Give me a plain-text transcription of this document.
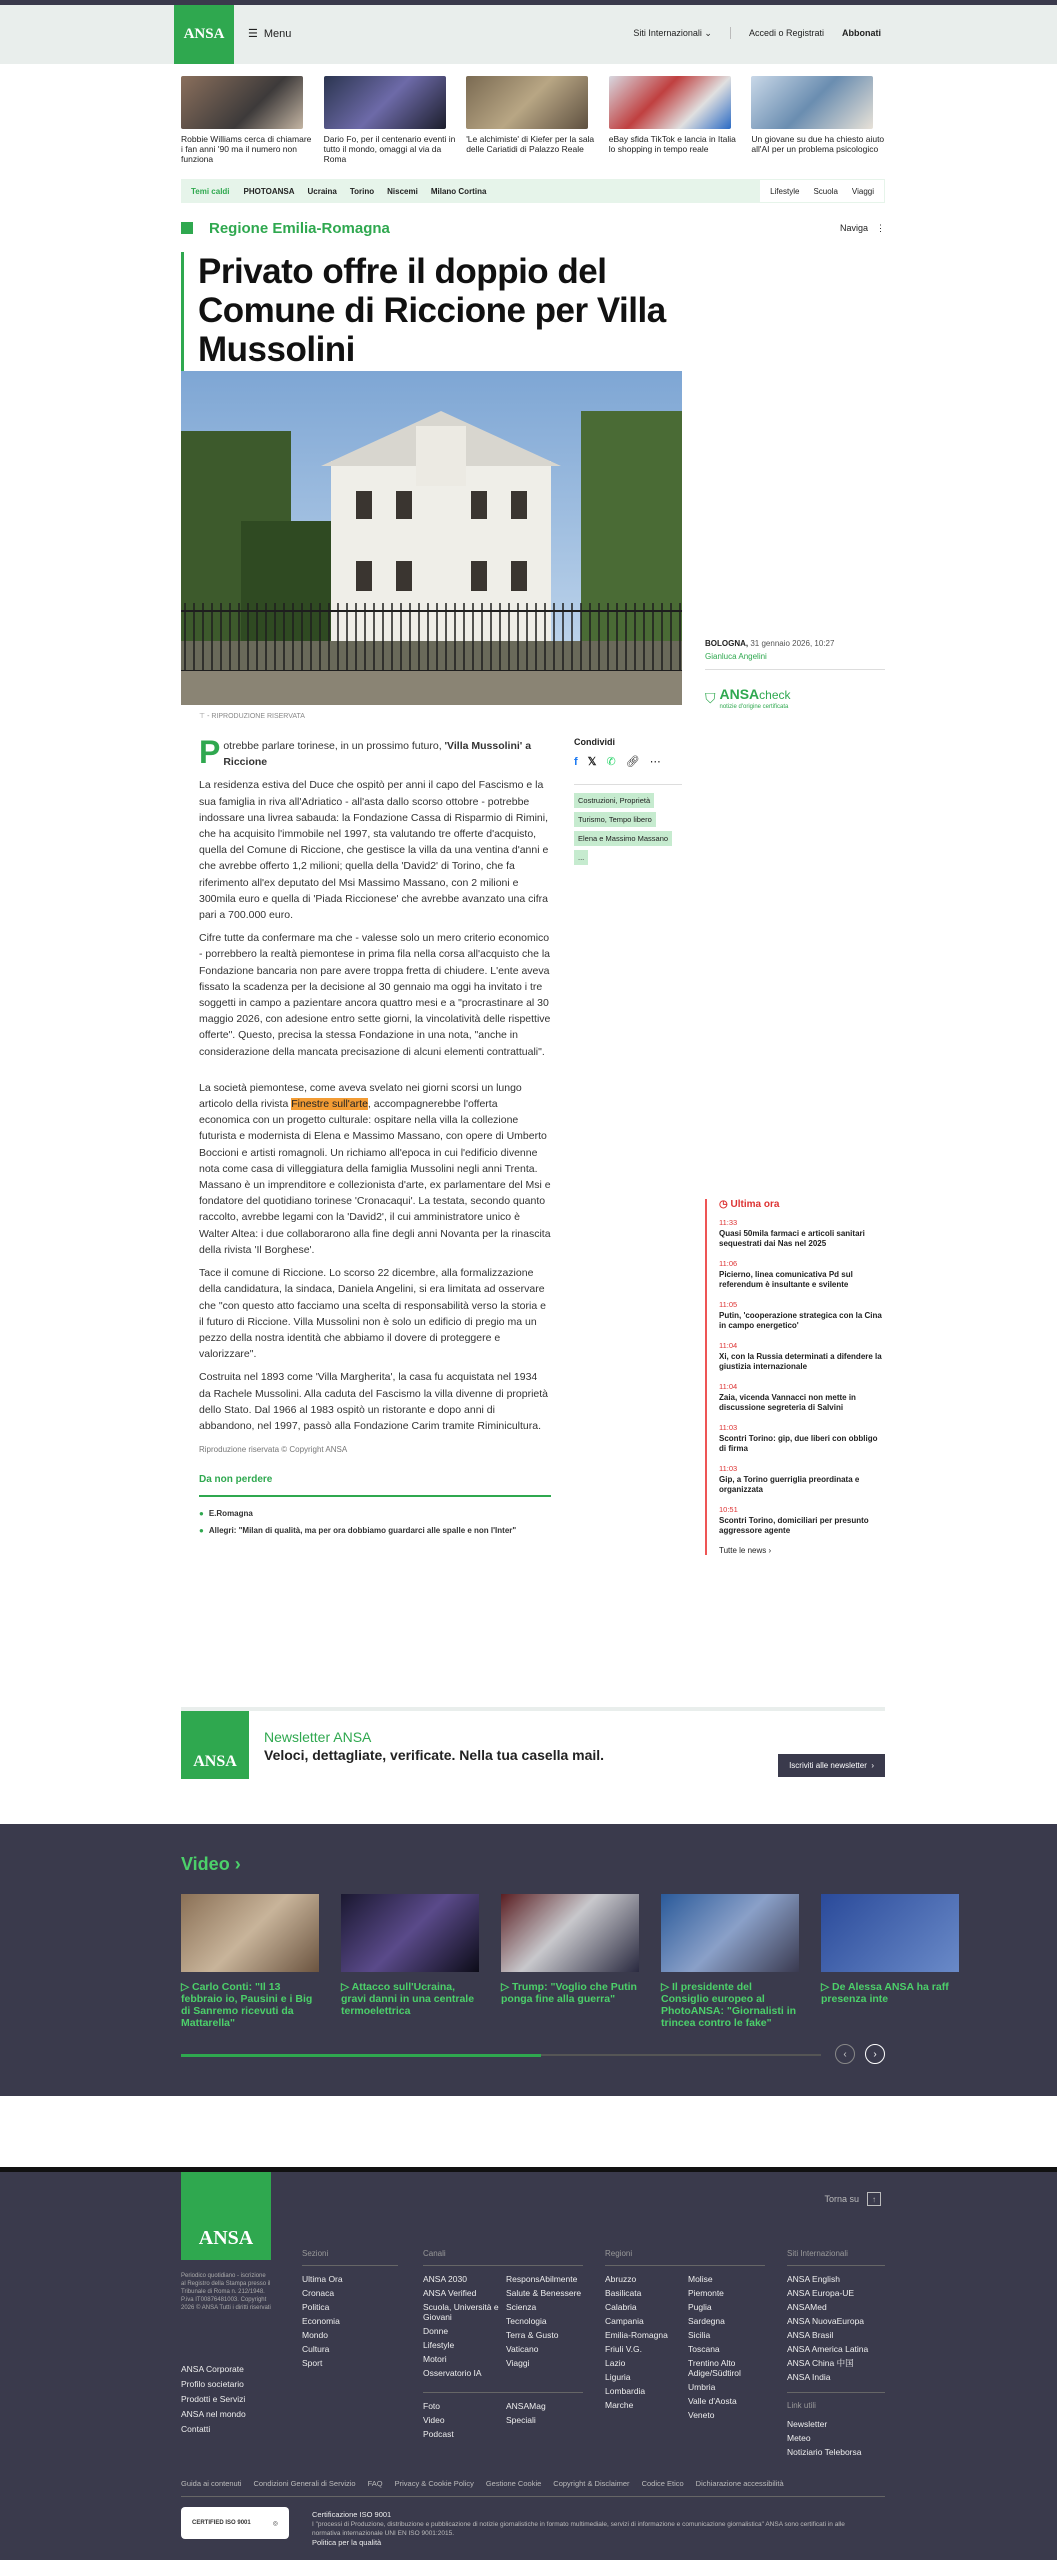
ANSA	☰ Menu	Siti Internazionali ⌄	Accedi o Registrati Abbonati

Robbie Williams cerca di chiamare i fan anni '90 ma il numero non funziona

Dario Fo, per il centenario eventi in tutto il mondo, omaggi al via da Roma

'Le alchimiste' di Kiefer per la sala delle Cariatidi di Palazzo Reale

eBay sfida TikTok e lancia in Italia lo shopping in tempo reale

Un giovane su due ha chiesto aiuto all'AI per un problema psicologico

Temi caldi PHOTOANSA Ucraina Torino Niscemi Milano Cortina	Lifestyle Scuola Viaggi
Regione Emilia-Romagna	Naviga ⋮
Privato offre il doppio del Comune di Riccione per Villa Mussolini

BOLOGNA, 31 gennaio 2026, 10:27
Gianluca Angelini
⛉ ANSAcheck
notizie d'origine certificata
⊤ - RIPRODUZIONE RISERVATA

Potrebbe parlare torinese, in un prossimo futuro, 'Villa Mussolini' a Riccione

La residenza estiva del Duce che ospitò per anni il capo del Fascismo e la sua famiglia in riva all'Adriatico - all'asta dallo scorso ottobre - potrebbe indossare una livrea sabauda: la Fondazione Cassa di Risparmio di Rimini, che ha acquisito l'immobile nel 1997, sta valutando tre offerte d'acquisto, quella del Comune di Riccione, che gestisce la villa da una ventina d'anni e che avrebbe offerto 1,2 milioni; quella della 'David2' di Torino, che fa riferimento all'ex deputato del Msi Massimo Massano, con 2 milioni e 300mila euro e quella di 'Piada Riccionese' che avrebbe avanzato una cifra pari a 700.000 euro.

Cifre tutte da confermare ma che - valesse solo un mero criterio economico - porrebbero la realtà piemontese in prima fila nella corsa all'acquisto che la Fondazione bancaria non pare avere troppa fretta di chiudere. L'ente aveva fissato la scadenza per la decisione al 30 gennaio ma oggi ha invitato i tre soggetti in campo a pazientare ancora quattro mesi e a "procrastinare al 30 maggio 2026, con adesione entro sette giorni, la vincolatività delle rispettive offerte". Questo, precisa la stessa Fondazione in una nota, "anche in considerazione della mancata precisazione di alcuni elementi contrattuali".

La società piemontese, come aveva svelato nei giorni scorsi un lungo articolo della rivista Finestre sull'arte, accompagnerebbe l'offerta economica con un progetto culturale: ospitare nella villa la collezione futurista e modernista di Elena e Massimo Massano, con opere di Umberto Boccioni e artisti romagnoli. Un richiamo all'epoca in cui l'edificio divenne nota come casa di villeggiatura della famiglia Mussolini negli anni Trenta. Massano è un imprenditore e collezionista d'arte, ex parlamentare del Msi e fondatore del quotidiano torinese 'Cronacaqui'. La testata, secondo quanto raccolto, avrebbe legami con la 'David2', il cui amministratore unico è Walter Altea: i due collaborarono alla fine degli anni Novanta per la rinascita della rivista 'Il Borghese'.

Tace il comune di Riccione. Lo scorso 22 dicembre, alla formalizzazione della candidatura, la sindaca, Daniela Angelini, si era limitata ad osservare che "con questo atto facciamo una scelta di responsabilità verso la storia e il futuro di Riccione. Villa Mussolini non è solo un edificio di pregio ma un pezzo della nostra identità che abbiamo il dovere di proteggere e valorizzare".

Costruita nel 1893 come 'Villa Margherita', la casa fu acquistata nel 1934 da Rachele Mussolini. Alla caduta del Fascismo la villa divenne di proprietà dello Stato. Dal 1966 al 1983 ospitò un ristorante e dopo anni di abbandono, nel 1997, passò alla Fondazione Carim tramite Riminicultura.

Riproduzione riservata © Copyright ANSA
Da non perdere
● E.Romagna
● Allegri: "Milan di qualità, ma per ora dobbiamo guardarci alle spalle e non l'Inter"
Condividi
f 𝕏 ✆ 🔗︎ ⋯
Costruzioni, Proprietà
Turismo, Tempo libero
Elena e Massimo Massano
...
◷ Ultima ora
11:33
Quasi 50mila farmaci e articoli sanitari sequestrati dai Nas nel 2025
11:06
Picierno, linea comunicativa Pd sul referendum è insultante e svilente
11:05
Putin, 'cooperazione strategica con la Cina in campo energetico'
11:04
Xi, con la Russia determinati a difendere la giustizia internazionale
11:04
Zaia, vicenda Vannacci non mette in discussione segreteria di Salvini
11:03
Scontri Torino: gip, due liberi con obbligo di firma
11:03
Gip, a Torino guerriglia preordinata e organizzata
10:51
Scontri Torino, domiciliari per presunto aggressore agente
Tutte le news ›
ANSA
Newsletter ANSA
Veloci, dettagliate, verificate. Nella tua casella mail.
Iscriviti alle newsletter  ›
Video ›

▷ Carlo Conti: "Il 13 febbraio io, Pausini e i Big di Sanremo ricevuti da Mattarella"

▷ Attacco sull'Ucraina, gravi danni in una centrale termoelettrica

▷ Trump: "Voglio che Putin ponga fine alla guerra"

▷ Il presidente del Consiglio europeo al PhotoANSA: "Giornalisti in trincea contro le fake"

▷ De Alessa ANSA ha raff presenza inte

‹	›
ANSA
Torna su	↑
Periodico quotidiano - iscrizione al Registro della Stampa presso il Tribunale di Roma n. 212/1948. P.iva IT00876481003. Copyright 2026 © ANSA Tutti i diritti riservati
ANSA Corporate
Profilo societario
Prodotti e Servizi
ANSA nel mondo
Contatti
Sezioni
Ultima Ora
Cronaca
Politica
Economia
Mondo
Cultura
Sport
Canali
ANSA 2030
ANSA Verified
Scuola, Università e Giovani
Donne
Lifestyle
Motori
Osservatorio IA
ResponsAbilmente
Salute & Benessere
Scienza
Tecnologia
Terra & Gusto
Vaticano
Viaggi
Foto
Video
Podcast
ANSAMag
Speciali
Regioni
Abruzzo
Basilicata
Calabria
Campania
Emilia-Romagna
Friuli V.G.
Lazio
Liguria
Lombardia
Marche
Molise
Piemonte
Puglia
Sardegna
Sicilia
Toscana
Trentino Alto Adige/Südtirol
Umbria
Valle d'Aosta
Veneto
Siti Internazionali
ANSA English
ANSA Europa-UE
ANSAMed
ANSA NuovaEuropa
ANSA Brasil
ANSA America Latina
ANSA China 中国
ANSA India
Link utili
Newsletter
Meteo
Notiziario Teleborsa
Guida ai contenuti Condizioni Generali di Servizio FAQ Privacy & Cookie Policy Gestione Cookie Copyright & Disclaimer Codice Etico Dichiarazione accessibilità
CERTIFIED ISO 9001	◎
Certificazione ISO 9001
I "processi di Produzione, distribuzione e pubblicazione di notizie giornalistiche in formato multimediale, servizi di informazione e comunicazione giornalistica" ANSA sono certificati in alle normativa internazionale UNI EN ISO 9001:2015.
Politica per la qualità
